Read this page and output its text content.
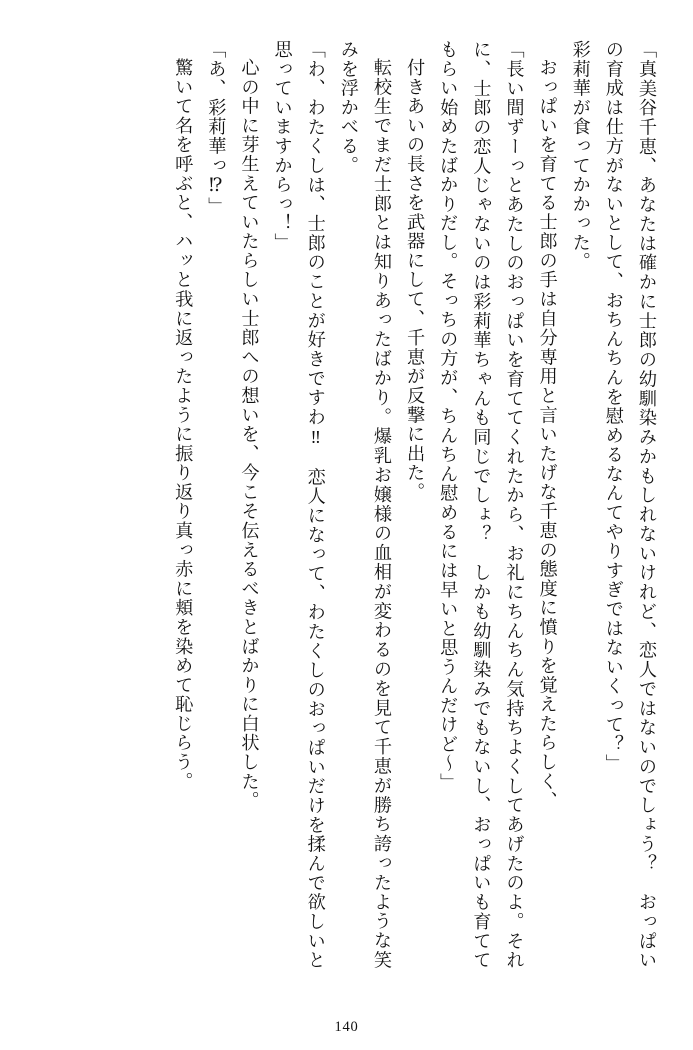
「真美谷千恵、あなたは確かに士郎の幼馴染みかもしれないけれど、恋人ではないのでしょう？　おっぱいの育成は仕方がないとして、おちんちんを慰めるなんてやりすぎではないくって？」

彩莉華が食ってかかった。

おっぱいを育てる士郎の手は自分専用と言いたげな千恵の態度に憤りを覚えたらしく、

「長い間ずーっとあたしのおっぱいを育ててくれたから、お礼にちんちん気持ちよくしてあげたのよ。それに、士郎の恋人じゃないのは彩莉華ちゃんも同じでしょ？　しかも幼馴染みでもないし、おっぱいも育ててもらい始めたばかりだし。そっちの方が、ちんちん慰めるには早いと思うんだけど～」

付きあいの長さを武器にして、千恵が反撃に出た。

転校生でまだ士郎とは知りあったばかり。爆乳お嬢様の血相が変わるのを見て千恵が勝ち誇ったような笑みを浮かべる。

「わ、わたくしは、士郎のことが好きですわ‼　恋人になって、わたくしのおっぱいだけを揉んで欲しいと思っていますからっ！」

心の中に芽生えていたらしい士郎への想いを、今こそ伝えるべきとばかりに白状した。

「あ、彩莉華っ⁉」

驚いて名を呼ぶと、ハッと我に返ったように振り返り真っ赤に頬を染めて恥じらう。

140
